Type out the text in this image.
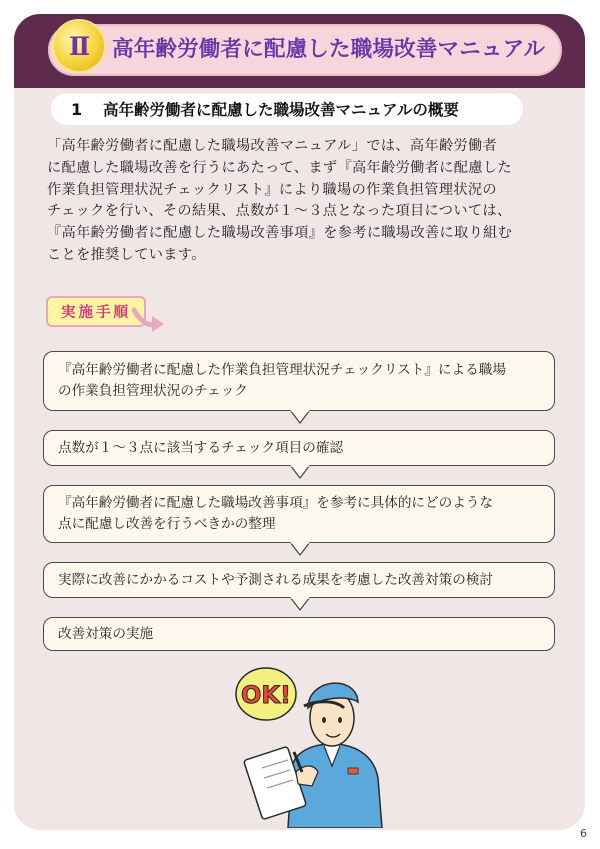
Ⅱ 高年齢労働者に配慮した職場改善マニュアル
1	高年齢労働者に配慮した職場改善マニュアルの概要
「高年齢労働者に配慮した職場改善マニュアル」では、高年齢労働者
に配慮した職場改善を行うにあたって、まず『高年齢労働者に配慮した
作業負担管理状況チェックリスト』により職場の作業負担管理状況の
チェックを行い、その結果、点数が１～３点となった項目については、
『高年齢労働者に配慮した職場改善事項』を参考に職場改善に取り組む
ことを推奨しています。
実施手順
『高年齢労働者に配慮した作業負担管理状況チェックリスト』による職場
の作業負担管理状況のチェック
点数が１～３点に該当するチェック項目の確認
『高年齢労働者に配慮した職場改善事項』を参考に具体的にどのような
点に配慮し改善を行うべきかの整理
実際に改善にかかるコストや予測される成果を考慮した改善対策の検討
改善対策の実施
OK!
6
